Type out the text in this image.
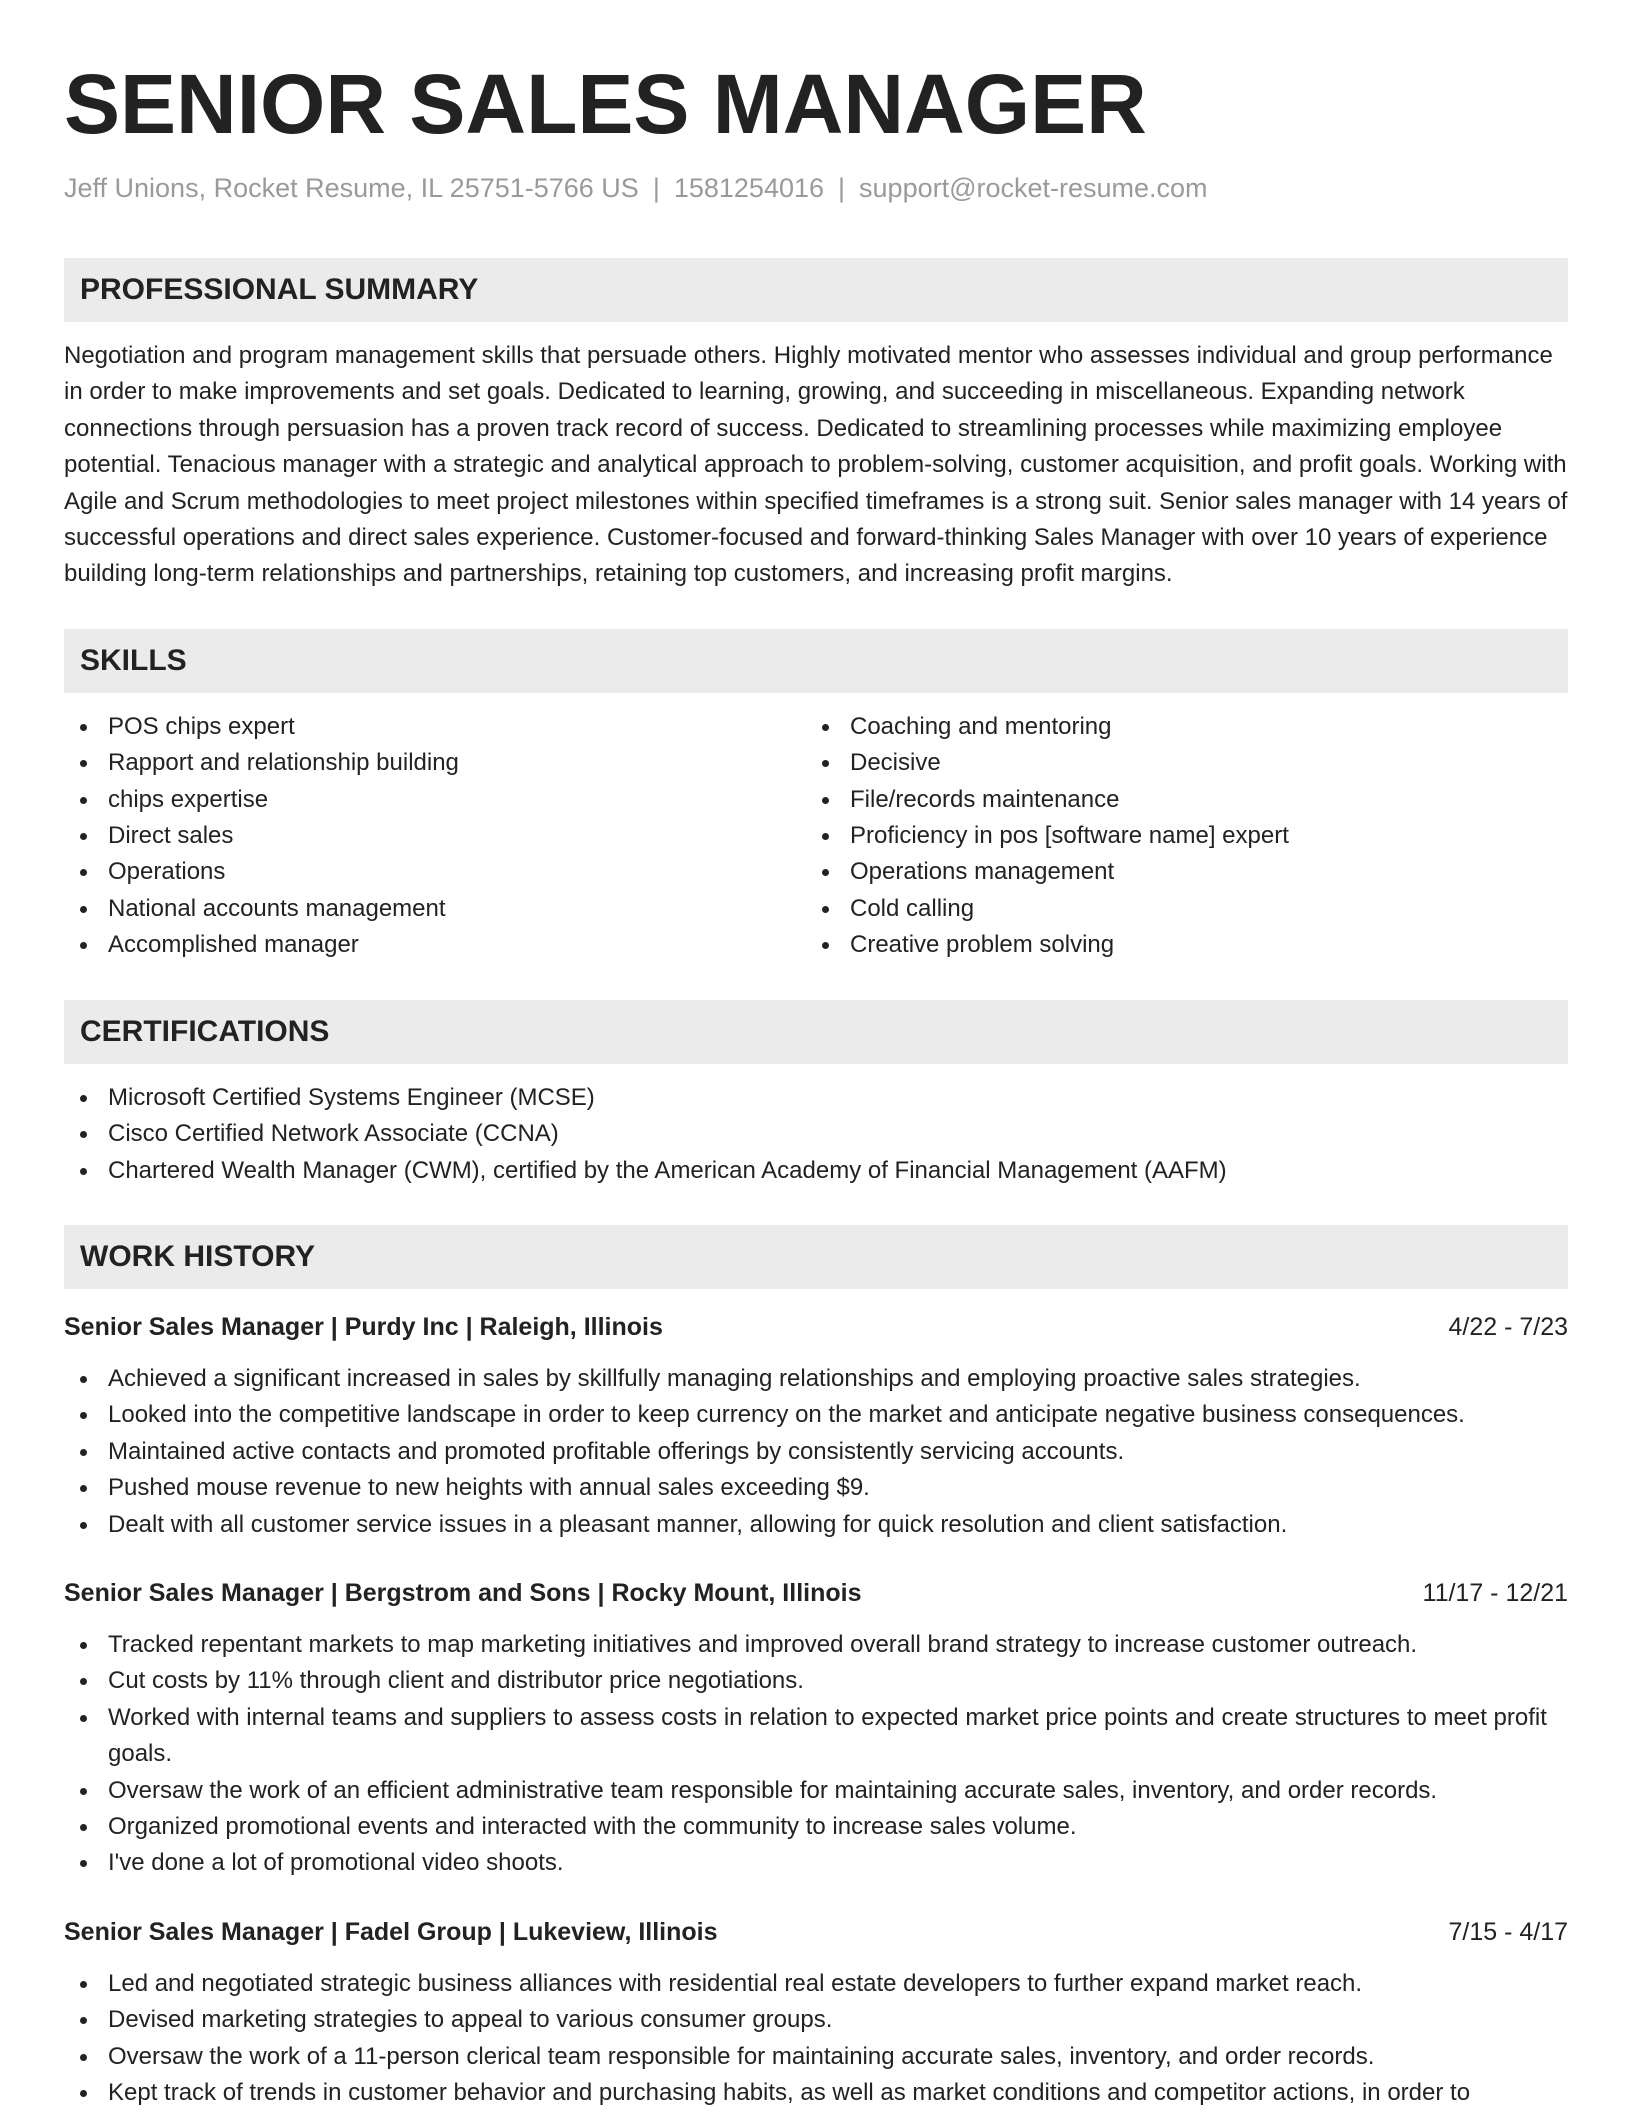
SENIOR SALES MANAGER
Jeff Unions, Rocket Resume, IL 25751-5766 US | 1581254016 | support@rocket-resume.com
PROFESSIONAL SUMMARY
Negotiation and program management skills that persuade others. Highly motivated mentor who assesses individual and group performance in order to make improvements and set goals. Dedicated to learning, growing, and succeeding in miscellaneous. Expanding network connections through persuasion has a proven track record of success. Dedicated to streamlining processes while maximizing employee potential. Tenacious manager with a strategic and analytical approach to problem-solving, customer acquisition, and profit goals. Working with Agile and Scrum methodologies to meet project milestones within specified timeframes is a strong suit. Senior sales manager with 14 years of successful operations and direct sales experience. Customer-focused and forward-thinking Sales Manager with over 10 years of experience building long-term relationships and partnerships, retaining top customers, and increasing profit margins.
SKILLS
POS chips expert
Rapport and relationship building
chips expertise
Direct sales
Operations
National accounts management
Accomplished manager
Coaching and mentoring
Decisive
File/records maintenance
Proficiency in pos [software name] expert
Operations management
Cold calling
Creative problem solving
CERTIFICATIONS
Microsoft Certified Systems Engineer (MCSE)
Cisco Certified Network Associate (CCNA)
Chartered Wealth Manager (CWM), certified by the American Academy of Financial Management (AAFM)
WORK HISTORY
Senior Sales Manager | Purdy Inc | Raleigh, Illinois	4/22 - 7/23
Achieved a significant increased in sales by skillfully managing relationships and employing proactive sales strategies.
Looked into the competitive landscape in order to keep currency on the market and anticipate negative business consequences.
Maintained active contacts and promoted profitable offerings by consistently servicing accounts.
Pushed mouse revenue to new heights with annual sales exceeding $9.
Dealt with all customer service issues in a pleasant manner, allowing for quick resolution and client satisfaction.
Senior Sales Manager | Bergstrom and Sons | Rocky Mount, Illinois	11/17 - 12/21
Tracked repentant markets to map marketing initiatives and improved overall brand strategy to increase customer outreach.
Cut costs by 11% through client and distributor price negotiations.
Worked with internal teams and suppliers to assess costs in relation to expected market price points and create structures to meet profit goals.
Oversaw the work of an efficient administrative team responsible for maintaining accurate sales, inventory, and order records.
Organized promotional events and interacted with the community to increase sales volume.
I've done a lot of promotional video shoots.
Senior Sales Manager | Fadel Group | Lukeview, Illinois	7/15 - 4/17
Led and negotiated strategic business alliances with residential real estate developers to further expand market reach.
Devised marketing strategies to appeal to various consumer groups.
Oversaw the work of a 11-person clerical team responsible for maintaining accurate sales, inventory, and order records.
Kept track of trends in customer behavior and purchasing habits, as well as market conditions and competitor actions, in order to
